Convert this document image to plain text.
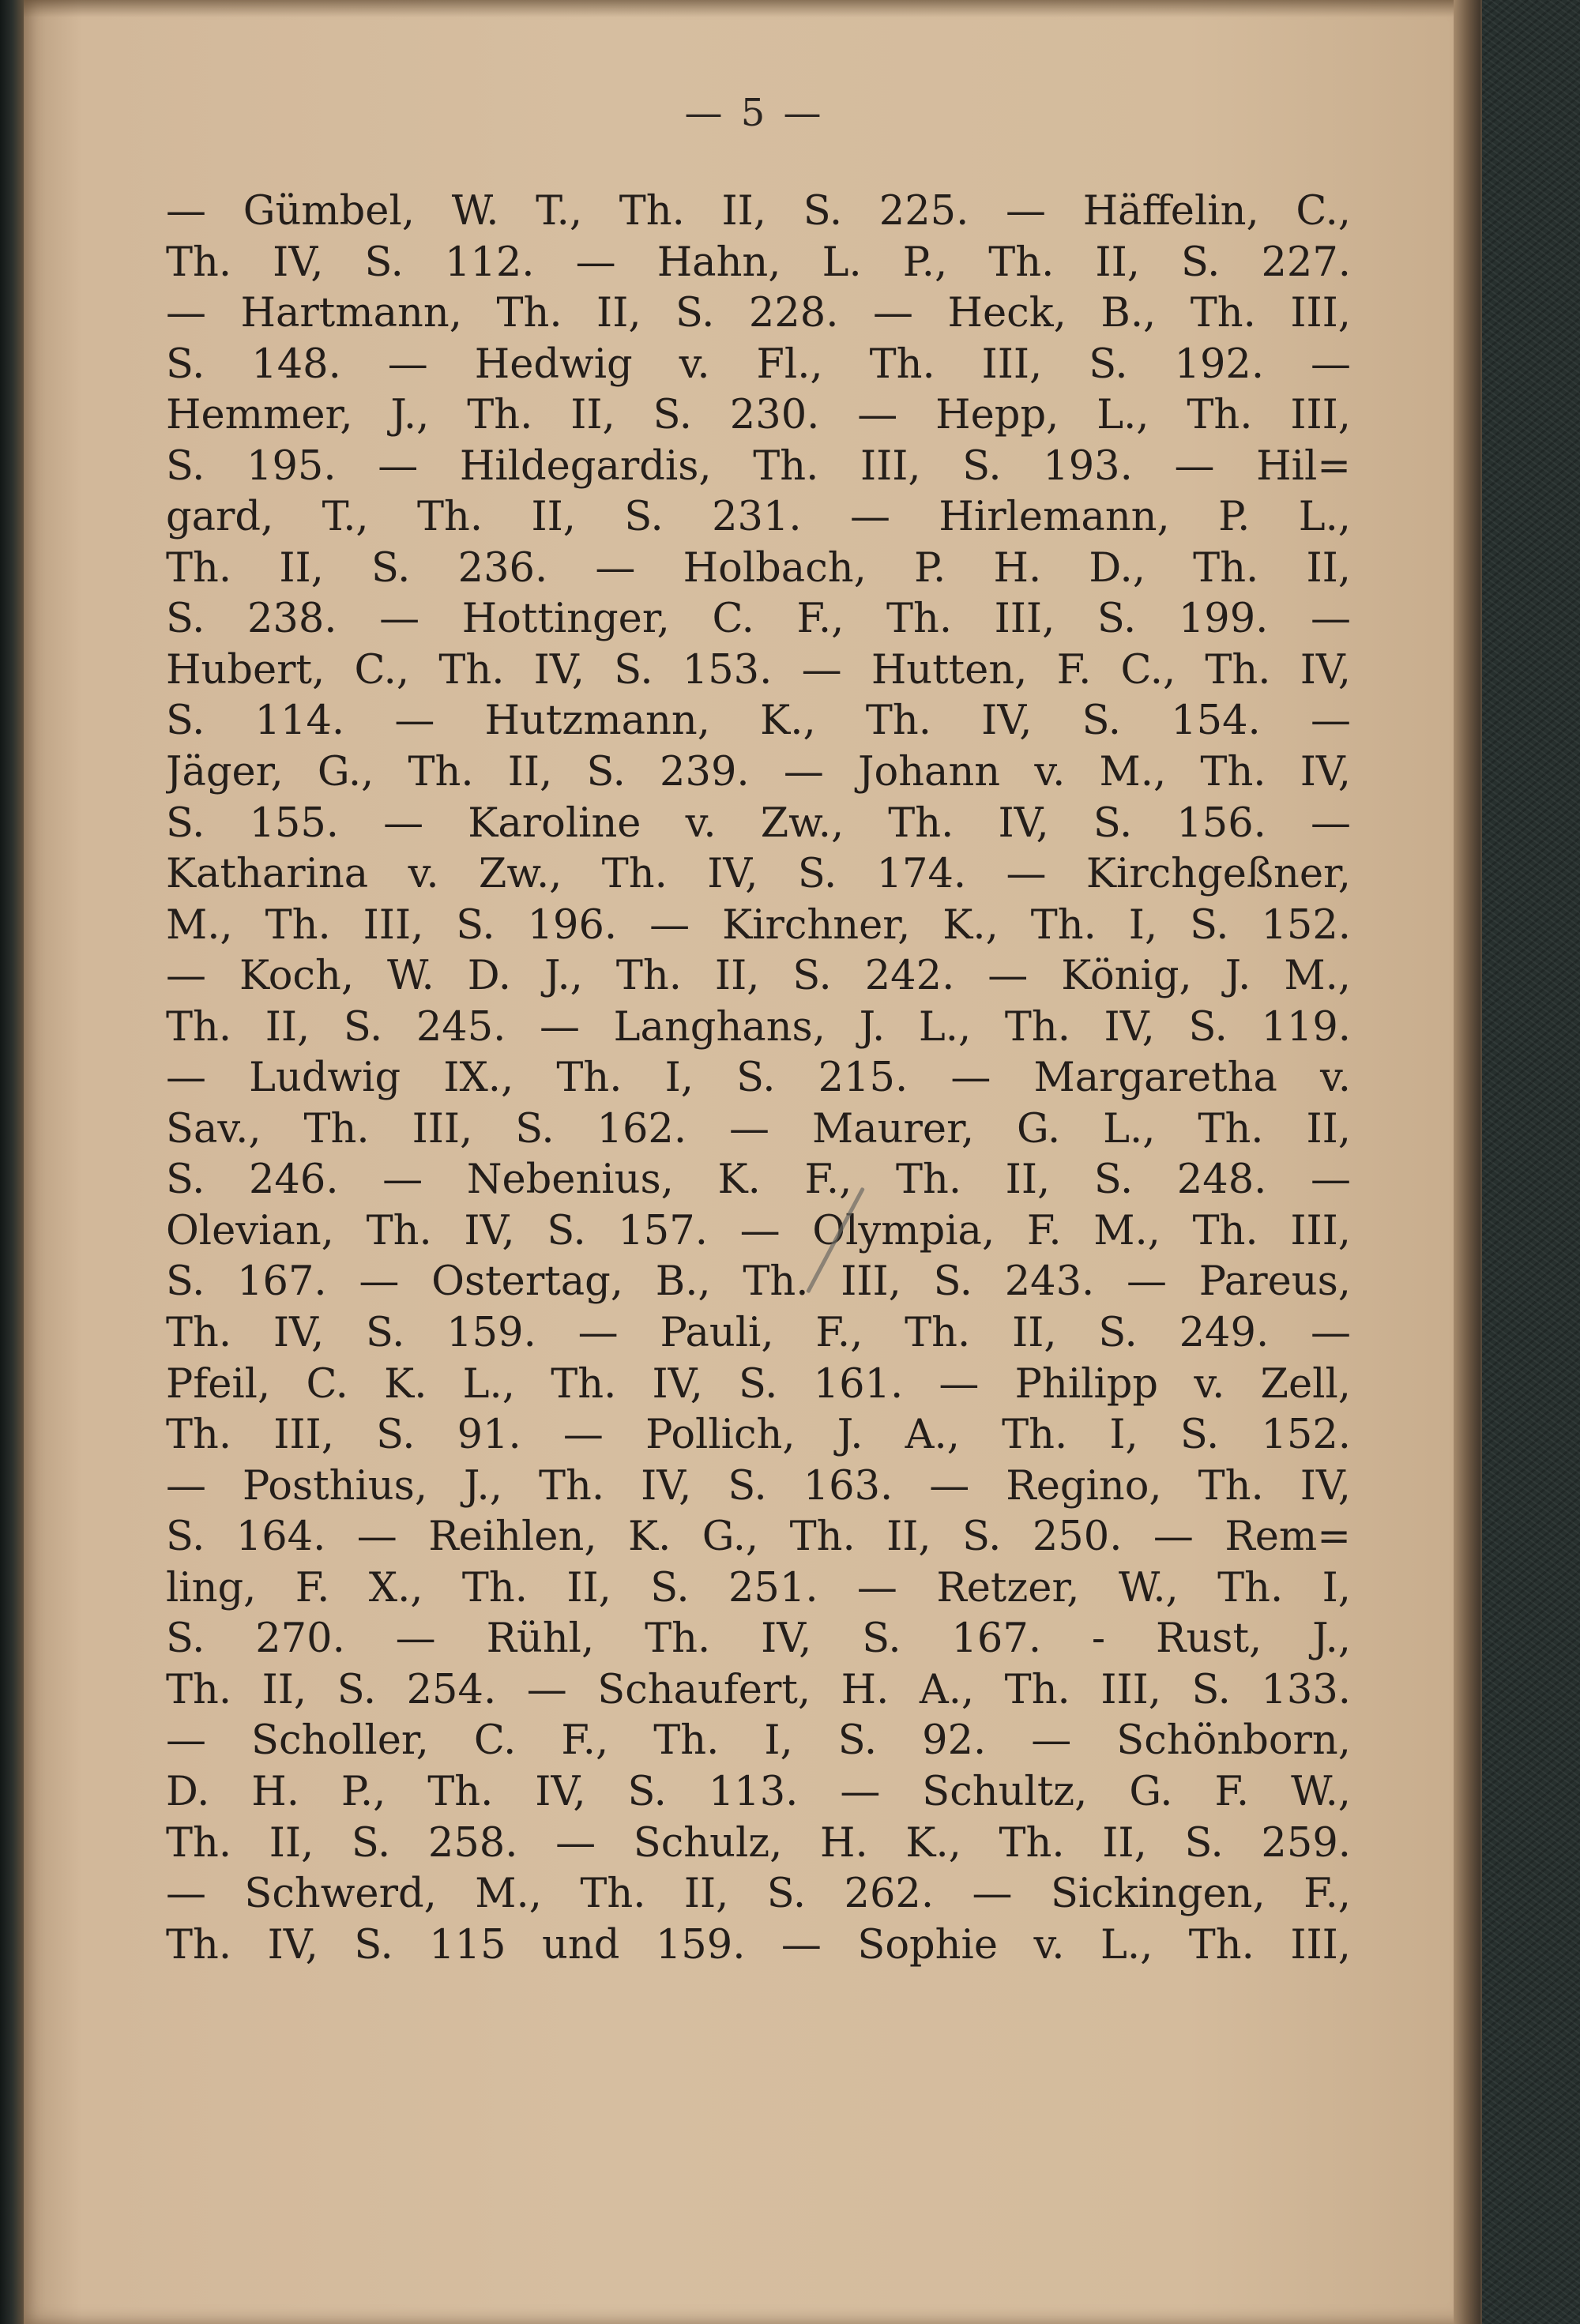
— 5 —
— Gümbel, W. T., Th. II, S. 225. — Häffelin, C.,
Th. IV, S. 112. — Hahn, L. P., Th. II, S. 227.
— Hartmann, Th. II, S. 228. — Heck, B., Th. III,
S. 148. — Hedwig v. Fl., Th. III, S. 192. —
Hemmer, J., Th. II, S. 230. — Hepp, L., Th. III,
S. 195. — Hildegardis, Th. III, S. 193. — Hil=
gard, T., Th. II, S. 231. — Hirlemann, P. L.,
Th. II, S. 236. — Holbach, P. H. D., Th. II,
S. 238. — Hottinger, C. F., Th. III, S. 199. —
Hubert, C., Th. IV, S. 153. — Hutten, F. C., Th. IV,
S. 114. — Hutzmann, K., Th. IV, S. 154. —
Jäger, G., Th. II, S. 239. — Johann v. M., Th. IV,
S. 155. — Karoline v. Zw., Th. IV, S. 156. —
Katharina v. Zw., Th. IV, S. 174. — Kirchgeßner,
M., Th. III, S. 196. — Kirchner, K., Th. I, S. 152.
— Koch, W. D. J., Th. II, S. 242. — König, J. M.,
Th. II, S. 245. — Langhans, J. L., Th. IV, S. 119.
— Ludwig IX., Th. I, S. 215. — Margaretha v.
Sav., Th. III, S. 162. — Maurer, G. L., Th. II,
S. 246. — Nebenius, K. F., Th. II, S. 248. —
Olevian, Th. IV, S. 157. — Olympia, F. M., Th. III,
S. 167. — Ostertag, B., Th. III, S. 243. — Pareus,
Th. IV, S. 159. — Pauli, F., Th. II, S. 249. —
Pfeil, C. K. L., Th. IV, S. 161. — Philipp v. Zell,
Th. III, S. 91. — Pollich, J. A., Th. I, S. 152.
— Posthius, J., Th. IV, S. 163. — Regino, Th. IV,
S. 164. — Reihlen, K. G., Th. II, S. 250. — Rem=
ling, F. X., Th. II, S. 251. — Retzer, W., Th. I,
S. 270. — Rühl, Th. IV, S. 167. - Rust, J.,
Th. II, S. 254. — Schaufert, H. A., Th. III, S. 133.
— Scholler, C. F., Th. I, S. 92. — Schönborn,
D. H. P., Th. IV, S. 113. — Schultz, G. F. W.,
Th. II, S. 258. — Schulz, H. K., Th. II, S. 259.
— Schwerd, M., Th. II, S. 262. — Sickingen, F.,
Th. IV, S. 115 und 159. — Sophie v. L., Th. III,
